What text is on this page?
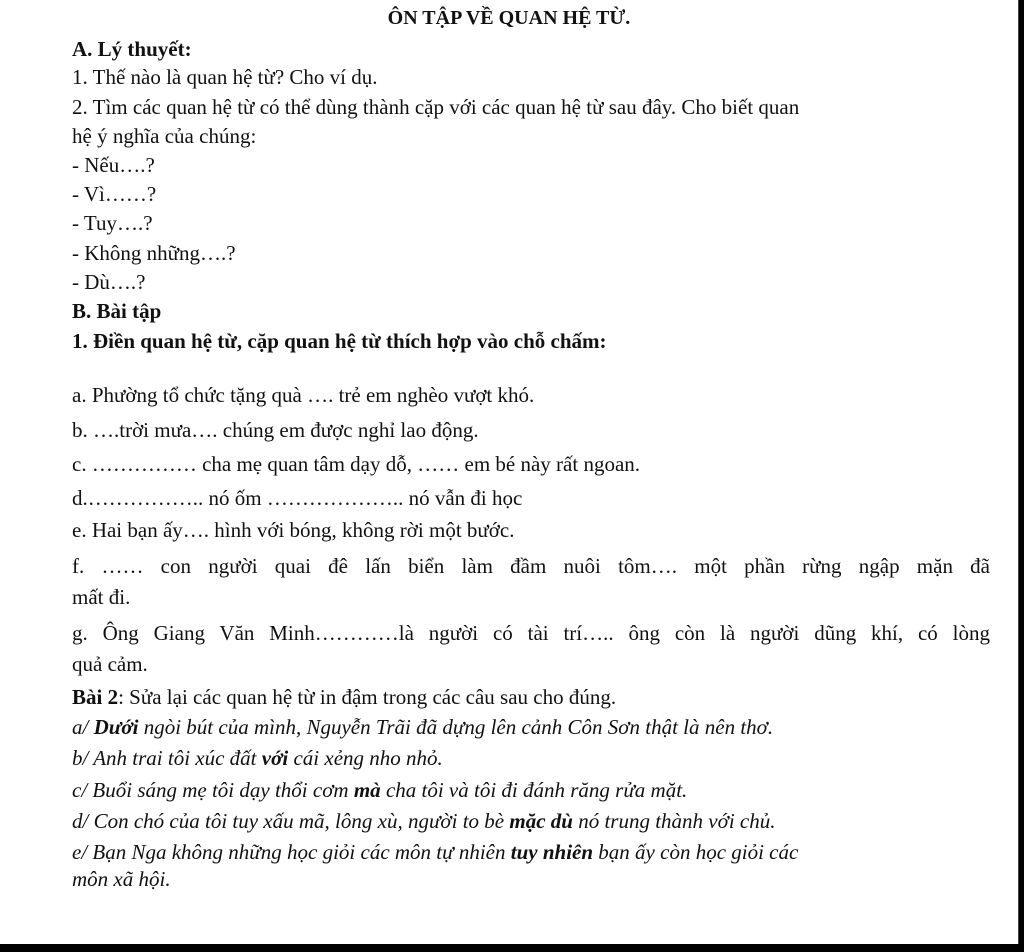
ÔN TẬP VỀ QUAN HỆ TỪ.

A. Lý thuyết:

1. Thế nào là quan hệ từ? Cho ví dụ.

2. Tìm các quan hệ từ có thể dùng thành cặp với các quan hệ từ sau đây. Cho biết quan

hệ ý nghĩa của chúng:

- Nếu….?

- Vì……?

- Tuy….?

- Không những….?

- Dù….?

B. Bài tập

1. Điền quan hệ từ, cặp quan hệ từ thích hợp vào chỗ chấm:

a. Phường tổ chức tặng quà …. trẻ em nghèo vượt khó.

b. ….trời mưa…. chúng em được nghỉ lao động.

c. …………… cha mẹ quan tâm dạy dỗ, …… em bé này rất ngoan.

d.…………….. nó ốm ……………….. nó vẫn đi học

e. Hai bạn ấy…. hình với bóng, không rời một bước.

f. …… con người quai đê lấn biển làm đầm nuôi tôm…. một phần rừng ngập mặn đã

mất đi.

g. Ông Giang Văn Minh…………là người có tài trí….. ông còn là người dũng khí, có lòng

quả cảm.

Bài 2: Sửa lại các quan hệ từ in đậm trong các câu sau cho đúng.

a/ Dưới ngòi bút của mình, Nguyễn Trãi đã dựng lên cảnh Côn Sơn thật là nên thơ.

b/ Anh trai tôi xúc đất với cái xẻng nho nhỏ.

c/ Buổi sáng mẹ tôi dạy thổi cơm mà cha tôi và tôi đi đánh răng rửa mặt.

d/ Con chó của tôi tuy xấu mã, lông xù, người to bè mặc dù nó trung thành với chủ.

e/ Bạn Nga không những học giỏi các môn tự nhiên tuy nhiên bạn ấy còn học giỏi các

môn xã hội.
